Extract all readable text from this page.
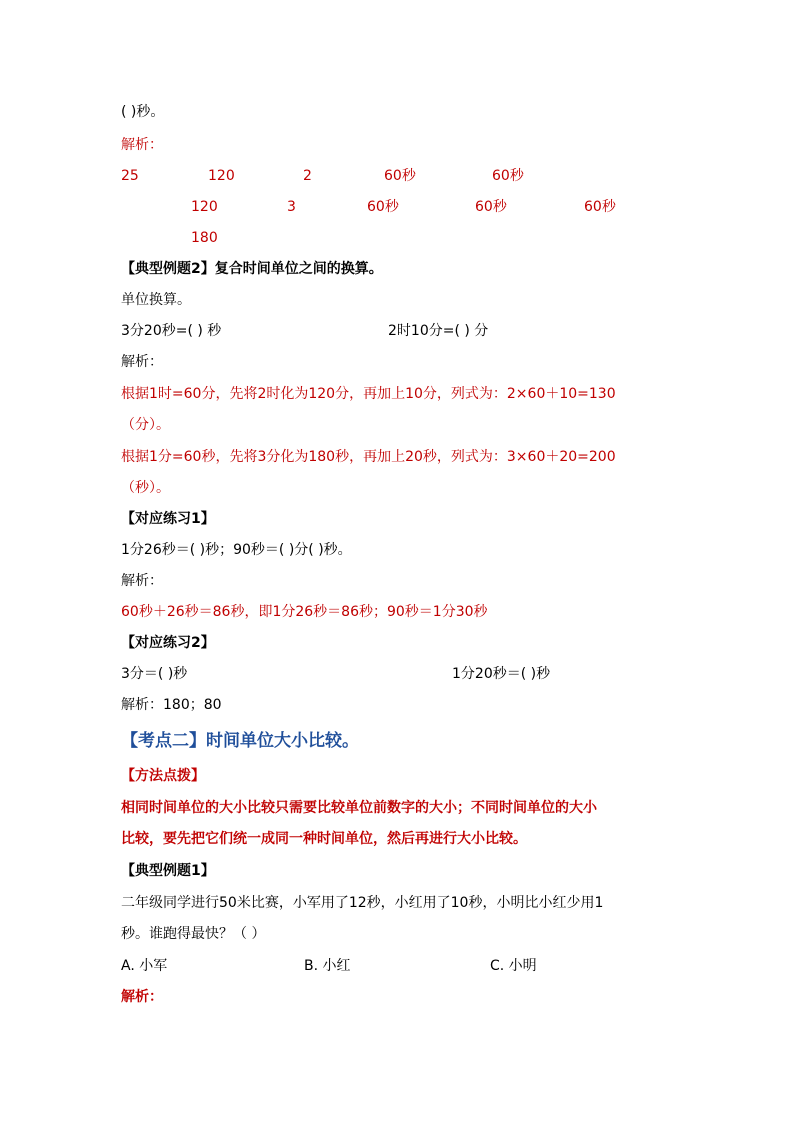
( )秒。
解析：
25	120	2	60秒	60秒
120	3	60秒	60秒	60秒
180
【典型例题2】复合时间单位之间的换算。
单位换算。
3分20秒=( ) 秒	2时10分=( ) 分
解析：
根据1时=60分，先将2时化为120分，再加上10分，列式为：2×60＋10=130
（分）。
根据1分=60秒，先将3分化为180秒，再加上20秒，列式为：3×60＋20=200
（秒）。
【对应练习1】
1分26秒＝( )秒；90秒＝( )分( )秒。
解析：
60秒＋26秒＝86秒，即1分26秒＝86秒；90秒＝1分30秒
【对应练习2】
3分＝( )秒	1分20秒＝( )秒
解析：180；80
【考点二】时间单位大小比较。
【方法点拨】
相同时间单位的大小比较只需要比较单位前数字的大小；不同时间单位的大小
比较，要先把它们统一成同一种时间单位，然后再进行大小比较。
【典型例题1】
二年级同学进行50米比赛，小军用了12秒，小红用了10秒，小明比小红少用1
秒。谁跑得最快？（ ）
A. 小军	B. 小红	C. 小明
解析：
